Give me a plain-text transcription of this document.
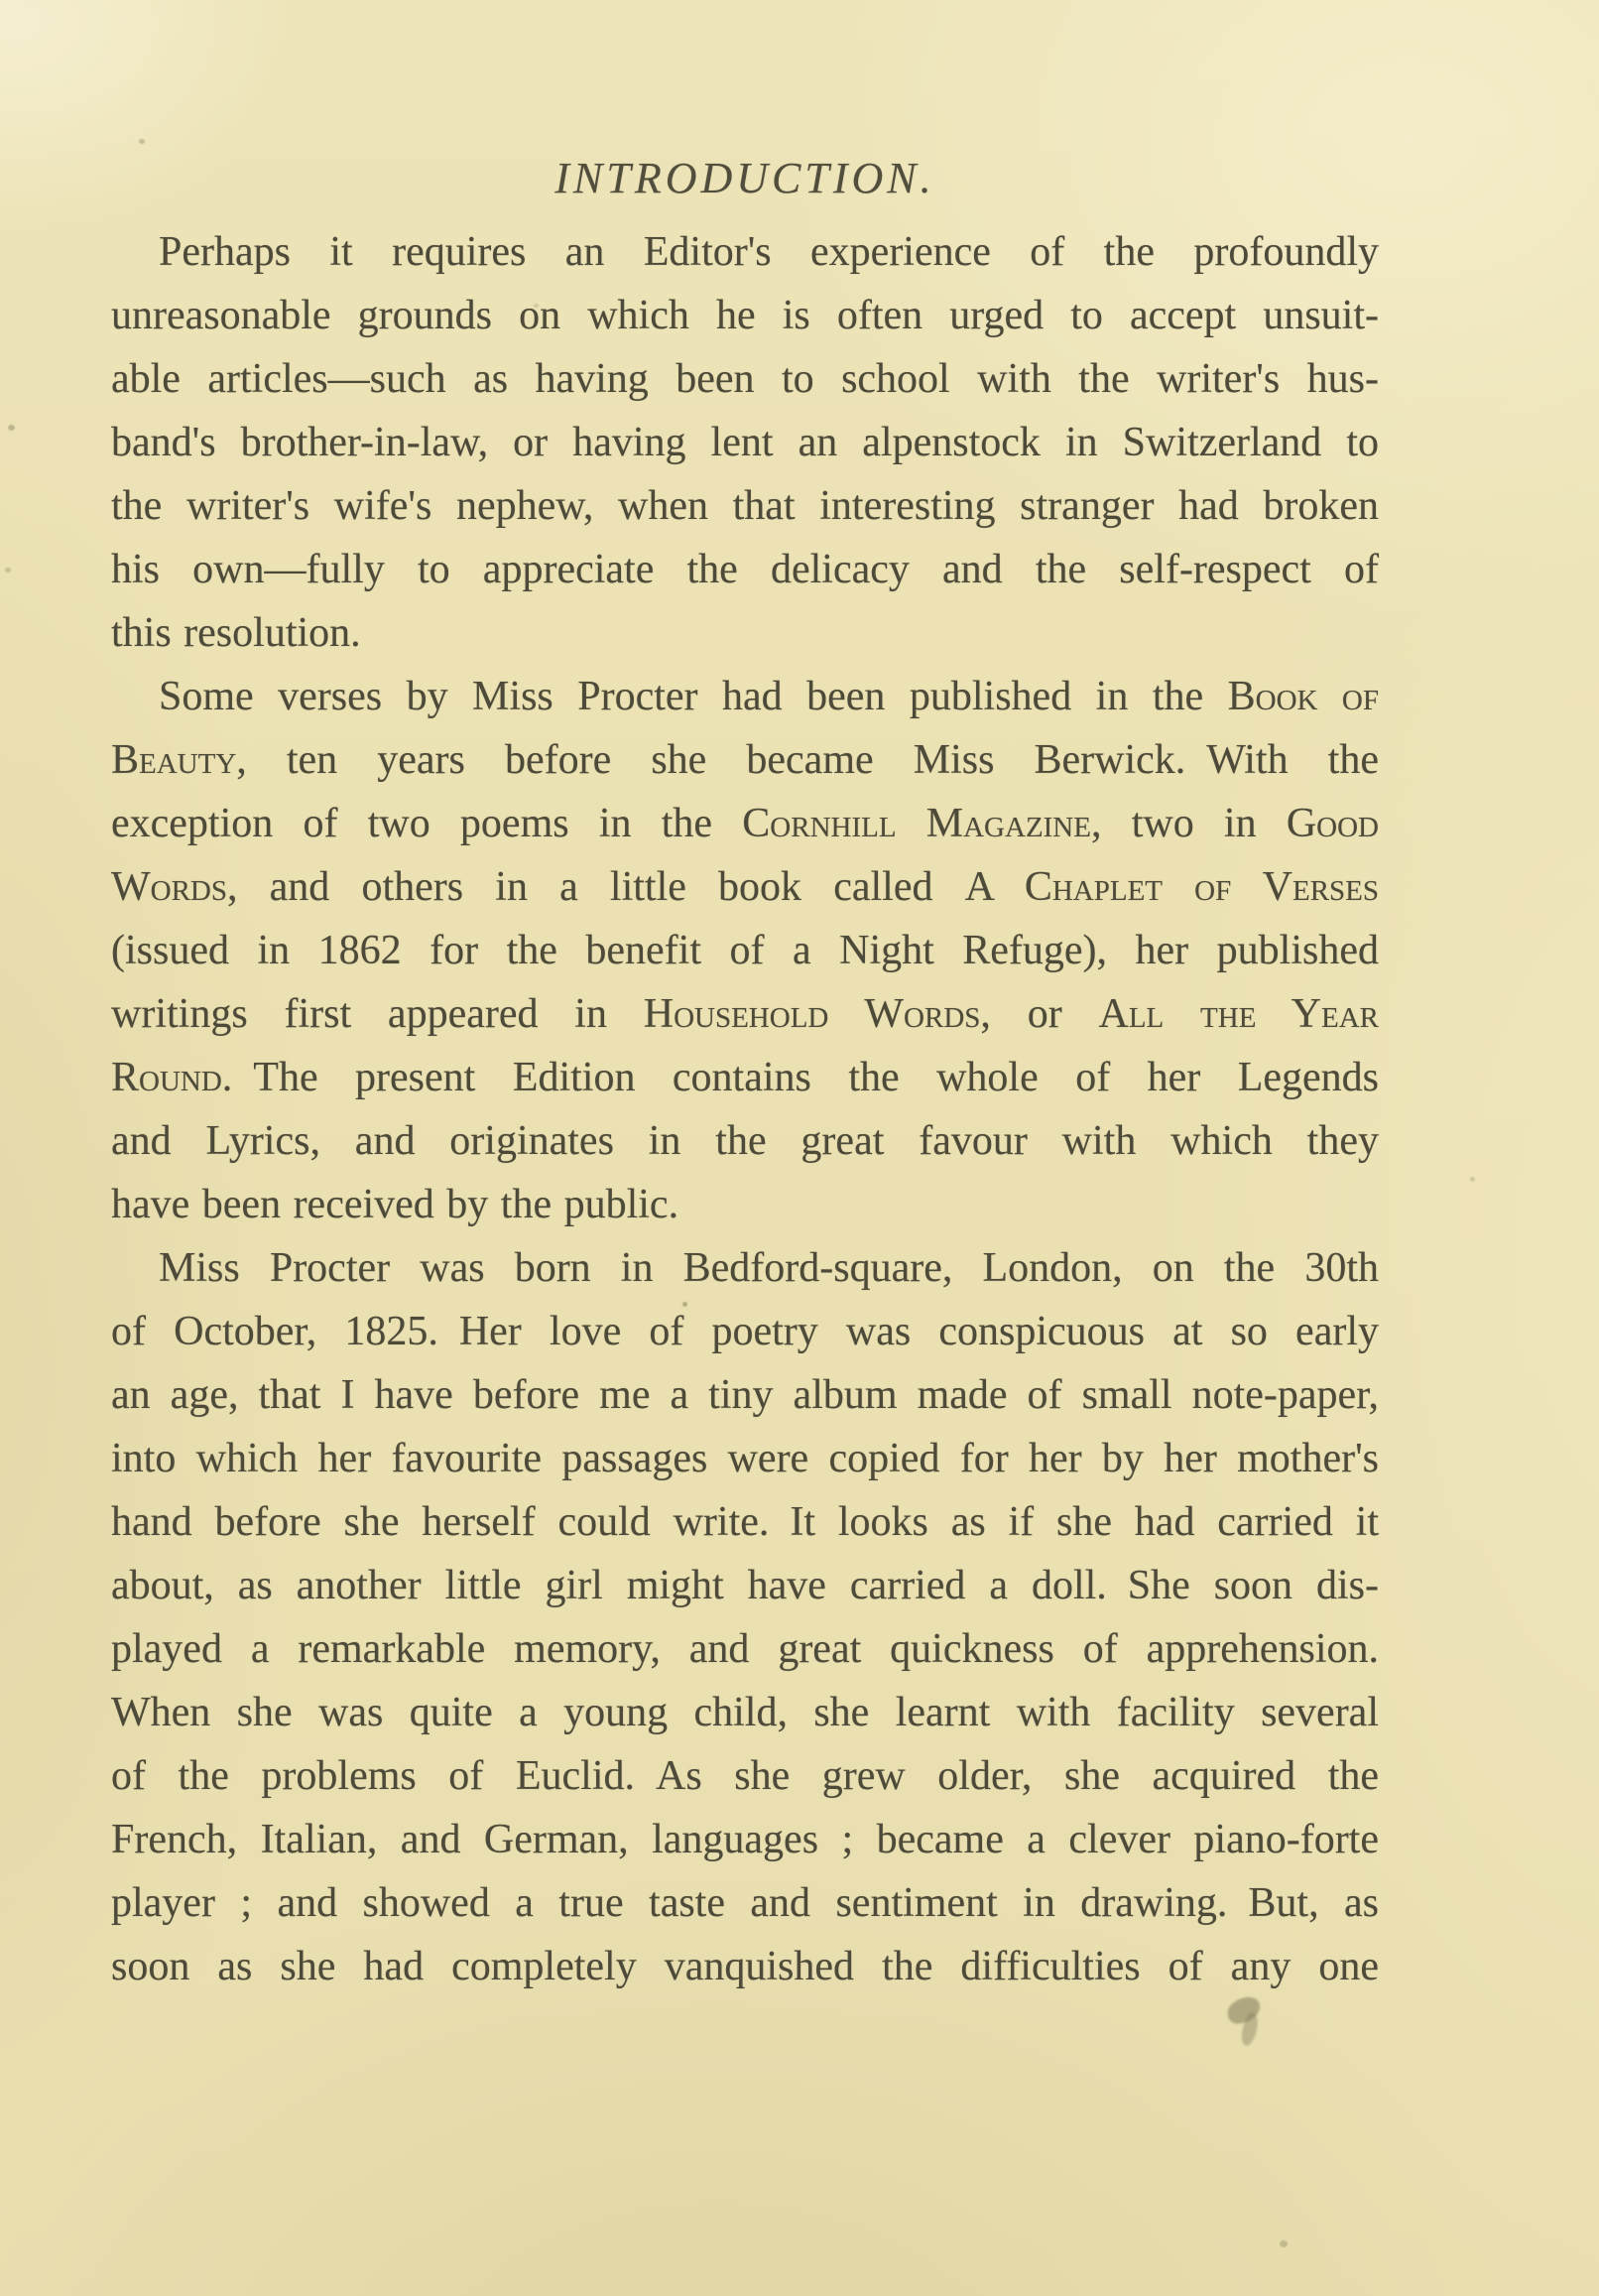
INTRODUCTION.
Perhaps it requires an Editor's experience of the profoundly
unreasonable grounds on which he is often urged to accept unsuit-
able articles—such as having been to school with the writer's hus-
band's brother-in-law, or having lent an alpenstock in Switzerland to
the writer's wife's nephew, when that interesting stranger had broken
his own—fully to appreciate the delicacy and the self-respect of
this resolution.
Some verses by Miss Procter had been published in the Book of
Beauty, ten years before she became Miss Berwick. With the
exception of two poems in the Cornhill Magazine, two in Good
Words, and others in a little book called A Chaplet of Verses
(issued in 1862 for the benefit of a Night Refuge), her published
writings first appeared in Household Words, or All the Year
Round. The present Edition contains the whole of her Legends
and Lyrics, and originates in the great favour with which they
have been received by the public.
Miss Procter was born in Bedford-square, London, on the 30th
of October, 1825. Her love of poetry was conspicuous at so early
an age, that I have before me a tiny album made of small note-paper,
into which her favourite passages were copied for her by her mother's
hand before she herself could write. It looks as if she had carried it
about, as another little girl might have carried a doll. She soon dis-
played a remarkable memory, and great quickness of apprehension.
When she was quite a young child, she learnt with facility several
of the problems of Euclid. As she grew older, she acquired the
French, Italian, and German, languages ; became a clever piano-forte
player ; and showed a true taste and sentiment in drawing. But, as
soon as she had completely vanquished the difficulties of any one
